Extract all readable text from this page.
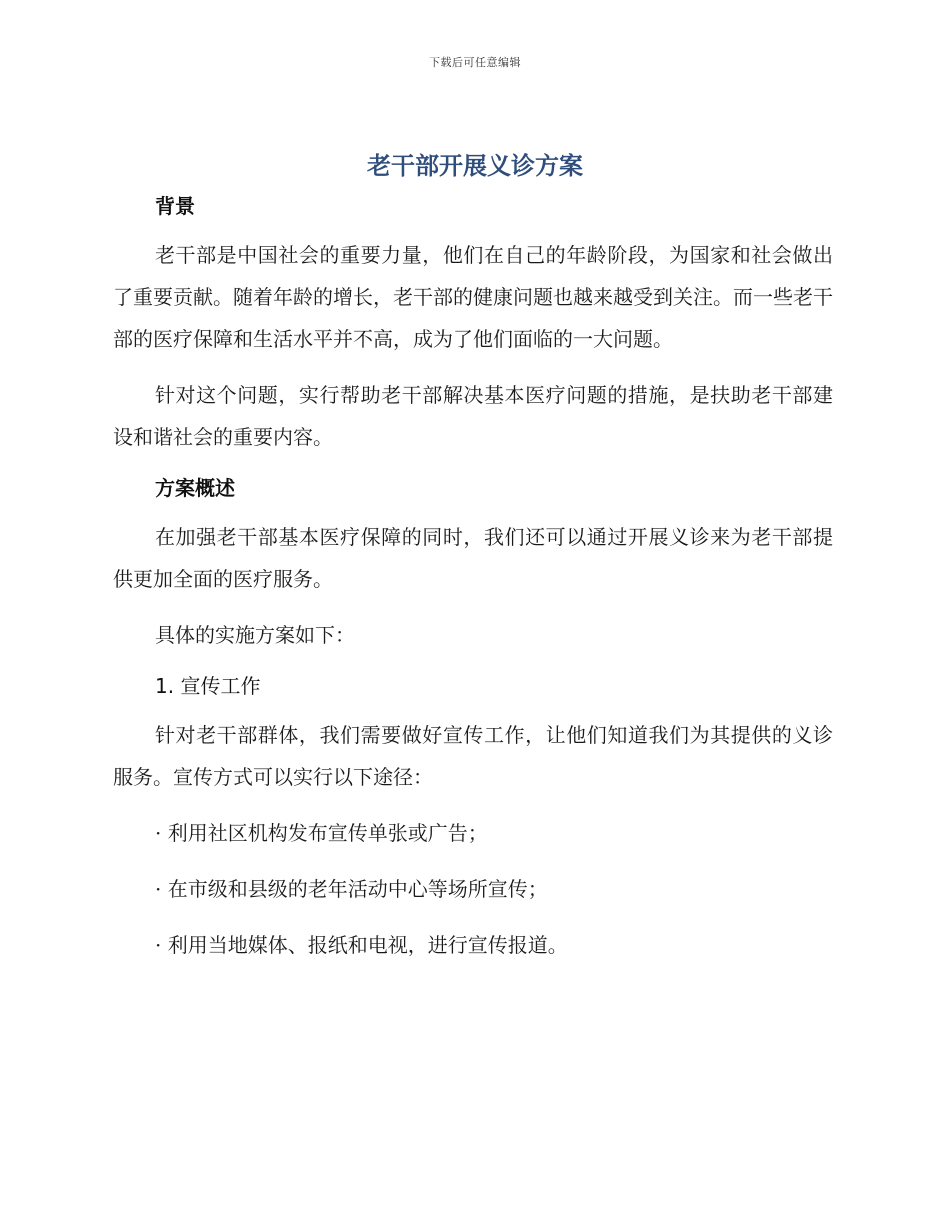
下载后可任意编辑
老干部开展义诊方案
背景

老干部是中国社会的重要力量，他们在自己的年龄阶段，为国家和社会做出了重要贡献。随着年龄的增长，老干部的健康问题也越来越受到关注。而一些老干部的医疗保障和生活水平并不高，成为了他们面临的一大问题。

针对这个问题，实行帮助老干部解决基本医疗问题的措施，是扶助老干部建设和谐社会的重要内容。

方案概述

在加强老干部基本医疗保障的同时，我们还可以通过开展义诊来为老干部提供更加全面的医疗服务。

具体的实施方案如下：

1. 宣传工作

针对老干部群体，我们需要做好宣传工作，让他们知道我们为其提供的义诊服务。宣传方式可以实行以下途径：

· 利用社区机构发布宣传单张或广告；
· 在市级和县级的老年活动中心等场所宣传；
· 利用当地媒体、报纸和电视，进行宣传报道。
